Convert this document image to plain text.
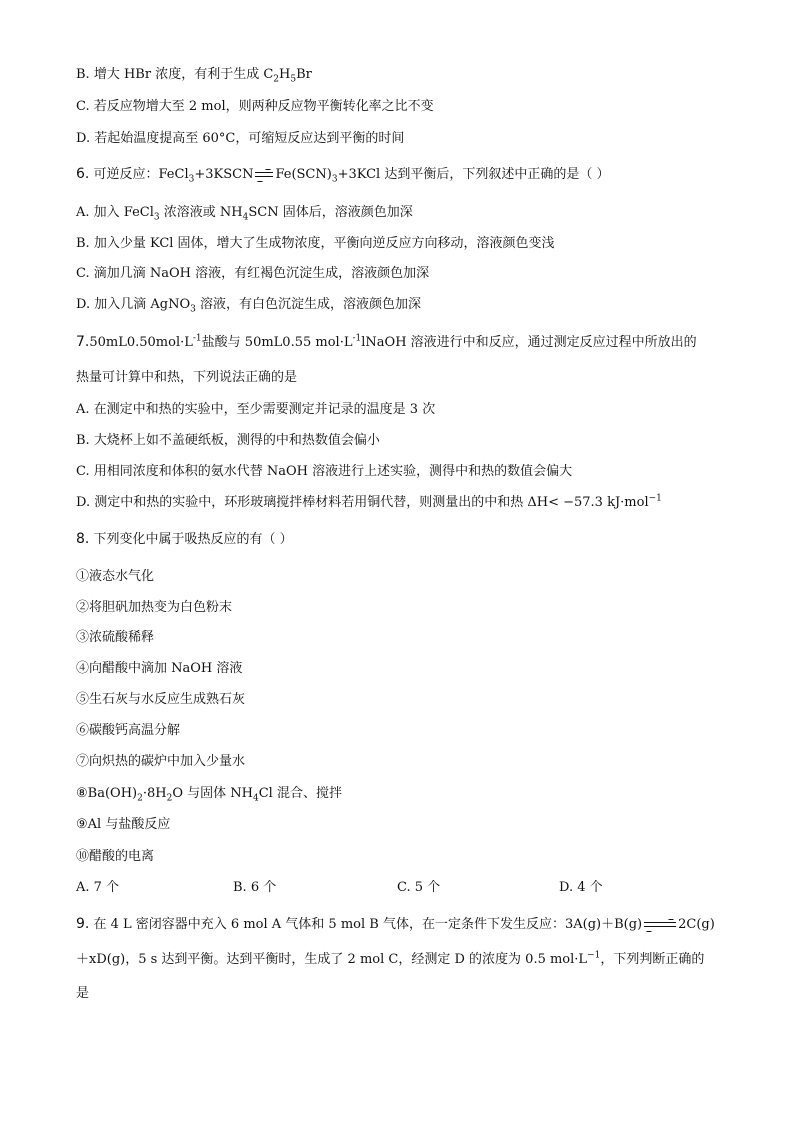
B. 增大 HBr 浓度，有利于生成 $C_2H_5Br$
C. 若反应物增大至 2 mol，则两种反应物平衡转化率之比不变
D. 若起始温度提高至 60°C，可缩短反应达到平衡的时间
6. 可逆反应：FeCl$_3$+3KSCN $Fe(SCN)_3+3KCl$ 达到平衡后，下列叙述中正确的是（ ）
A. 加入 FeCl$_3$ 浓溶液或 $NH_4SCN$ 固体后，溶液颜色加深
B. 加入少量 KCl 固体，增大了生成物浓度，平衡向逆反应方向移动，溶液颜色变浅
C. 滴加几滴 NaOH 溶液，有红褐色沉淀生成，溶液颜色加深
D. 加入几滴 AgNO$_3$ 溶液，有白色沉淀生成，溶液颜色加深
$7.50mL0.50mol\cdot L^{-1}$盐酸与 50mL0.55 $mol\cdot L^{-1}lNaOH$ 溶液进行中和反应，通过测定反应过程中所放出的
热量可计算中和热，下列说法正确的是
A. 在测定中和热的实验中，至少需要测定并记录的温度是 3 次
B. 大烧杯上如不盖硬纸板，测得的中和热数值会偏小
C. 用相同浓度和体积的氨水代替 NaOH 溶液进行上述实验，测得中和热的数值会偏大
D. 测定中和热的实验中，环形玻璃搅拌棒材料若用铜代替，则测量出的中和热 ΔH< −57.3 kJ·mol$^{-1}$
8. 下列变化中属于吸热反应的有（ ）
①液态水气化
②将胆矾加热变为白色粉末
③浓硫酸稀释
④向醋酸中滴加 NaOH 溶液
⑤生石灰与水反应生成熟石灰
⑥碳酸钙高温分解
⑦向炽热的碳炉中加入少量水
$⑧Ba(OH)_2\cdot 8H_2O$ 与固体 $NH_4Cl$ 混合、搅拌
⑨Al 与盐酸反应
⑩醋酸的电离
A. 7 个	B. 6 个	C. 5 个	D. 4 个
9. 在 4 L 密闭容器中充入 6 mol A 气体和 5 mol B 气体，在一定条件下发生反应：3A(g)＋B(g)→2C(g)
＋xD(g)，5 s 达到平衡。达到平衡时，生成了 2 mol C，经测定 D 的浓度为 0.5 $mol\cdot L^{-1}$，下列判断正确的
是
